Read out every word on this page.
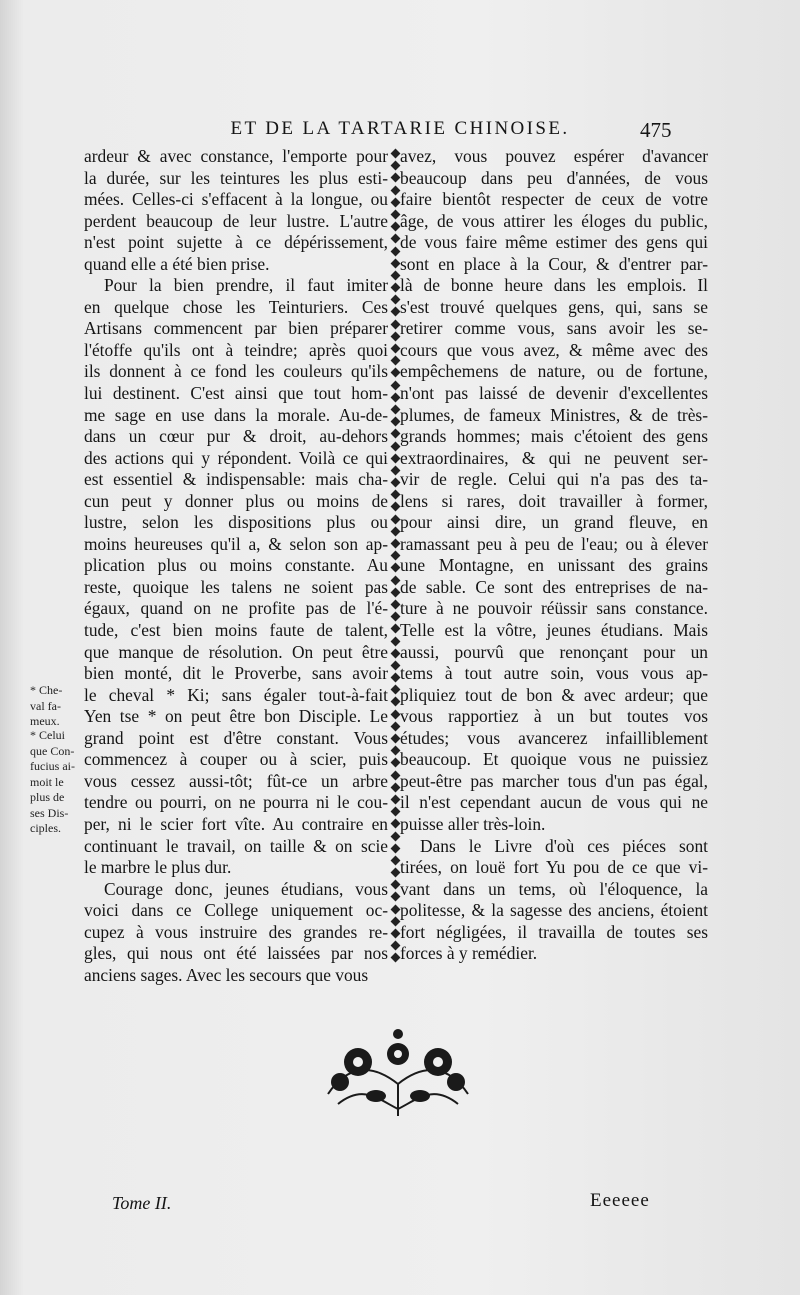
ET DE LA TARTARIE CHINOISE.	475
ardeur & avec constance, l'emporte pour
la durée, sur les teintures les plus esti-
mées. Celles-ci s'effacent à la longue, ou
perdent beaucoup de leur lustre. L'autre
n'est point sujette à ce dépérissement,
quand elle a été bien prise.
Pour la bien prendre, il faut imiter
en quelque chose les Teinturiers. Ces
Artisans commencent par bien préparer
l'étoffe qu'ils ont à teindre; après quoi
ils donnent à ce fond les couleurs qu'ils
lui destinent. C'est ainsi que tout hom-
me sage en use dans la morale. Au-de-
dans un cœur pur & droit, au-dehors
des actions qui y répondent. Voilà ce qui
est essentiel & indispensable: mais cha-
cun peut y donner plus ou moins de
lustre, selon les dispositions plus ou
moins heureuses qu'il a, & selon son ap-
plication plus ou moins constante. Au
reste, quoique les talens ne soient pas
égaux, quand on ne profite pas de l'é-
tude, c'est bien moins faute de talent,
que manque de résolution. On peut être
bien monté, dit le Proverbe, sans avoir
le cheval * Ki; sans égaler tout-à-fait
Yen tse * on peut être bon Disciple. Le
grand point est d'être constant. Vous
commencez à couper ou à scier, puis
vous cessez aussi-tôt; fût-ce un arbre
tendre ou pourri, on ne pourra ni le cou-
per, ni le scier fort vîte. Au contraire en
continuant le travail, on taille & on scie
le marbre le plus dur.
Courage donc, jeunes étudians, vous
voici dans ce College uniquement oc-
cupez à vous instruire des grandes re-
gles, qui nous ont été laissées par nos
anciens sages. Avec les secours que vous
avez, vous pouvez espérer d'avancer
beaucoup dans peu d'années, de vous
faire bientôt respecter de ceux de votre
âge, de vous attirer les éloges du public,
de vous faire même estimer des gens qui
sont en place à la Cour, & d'entrer par-
là de bonne heure dans les emplois. Il
s'est trouvé quelques gens, qui, sans se
retirer comme vous, sans avoir les se-
cours que vous avez, & même avec des
empêchemens de nature, ou de fortune,
n'ont pas laissé de devenir d'excellentes
plumes, de fameux Ministres, & de très-
grands hommes; mais c'étoient des gens
extraordinaires, & qui ne peuvent ser-
vir de regle. Celui qui n'a pas des ta-
lens si rares, doit travailler à former,
pour ainsi dire, un grand fleuve, en
ramassant peu à peu de l'eau; ou à élever
une Montagne, en unissant des grains
de sable. Ce sont des entreprises de na-
ture à ne pouvoir réüssir sans constance.
Telle est la vôtre, jeunes étudians. Mais
aussi, pourvû que renonçant pour un
tems à tout autre soin, vous vous ap-
pliquiez tout de bon & avec ardeur; que
vous rapportiez à un but toutes vos
études; vous avancerez infailliblement
beaucoup. Et quoique vous ne puissiez
peut-être pas marcher tous d'un pas égal,
il n'est cependant aucun de vous qui ne
puisse aller très-loin.
Dans le Livre d'où ces piéces sont
tirées, on louë fort Yu pou de ce que vi-
vant dans un tems, où l'éloquence, la
politesse, & la sagesse des anciens, étoient
fort négligées, il travailla de toutes ses
forces à y remédier.
* Che-
val fa-
meux.
* Celui
que Con-
fucius ai-
moit le
plus de
ses Dis-
ciples.
Tome II.	Eeeeee
